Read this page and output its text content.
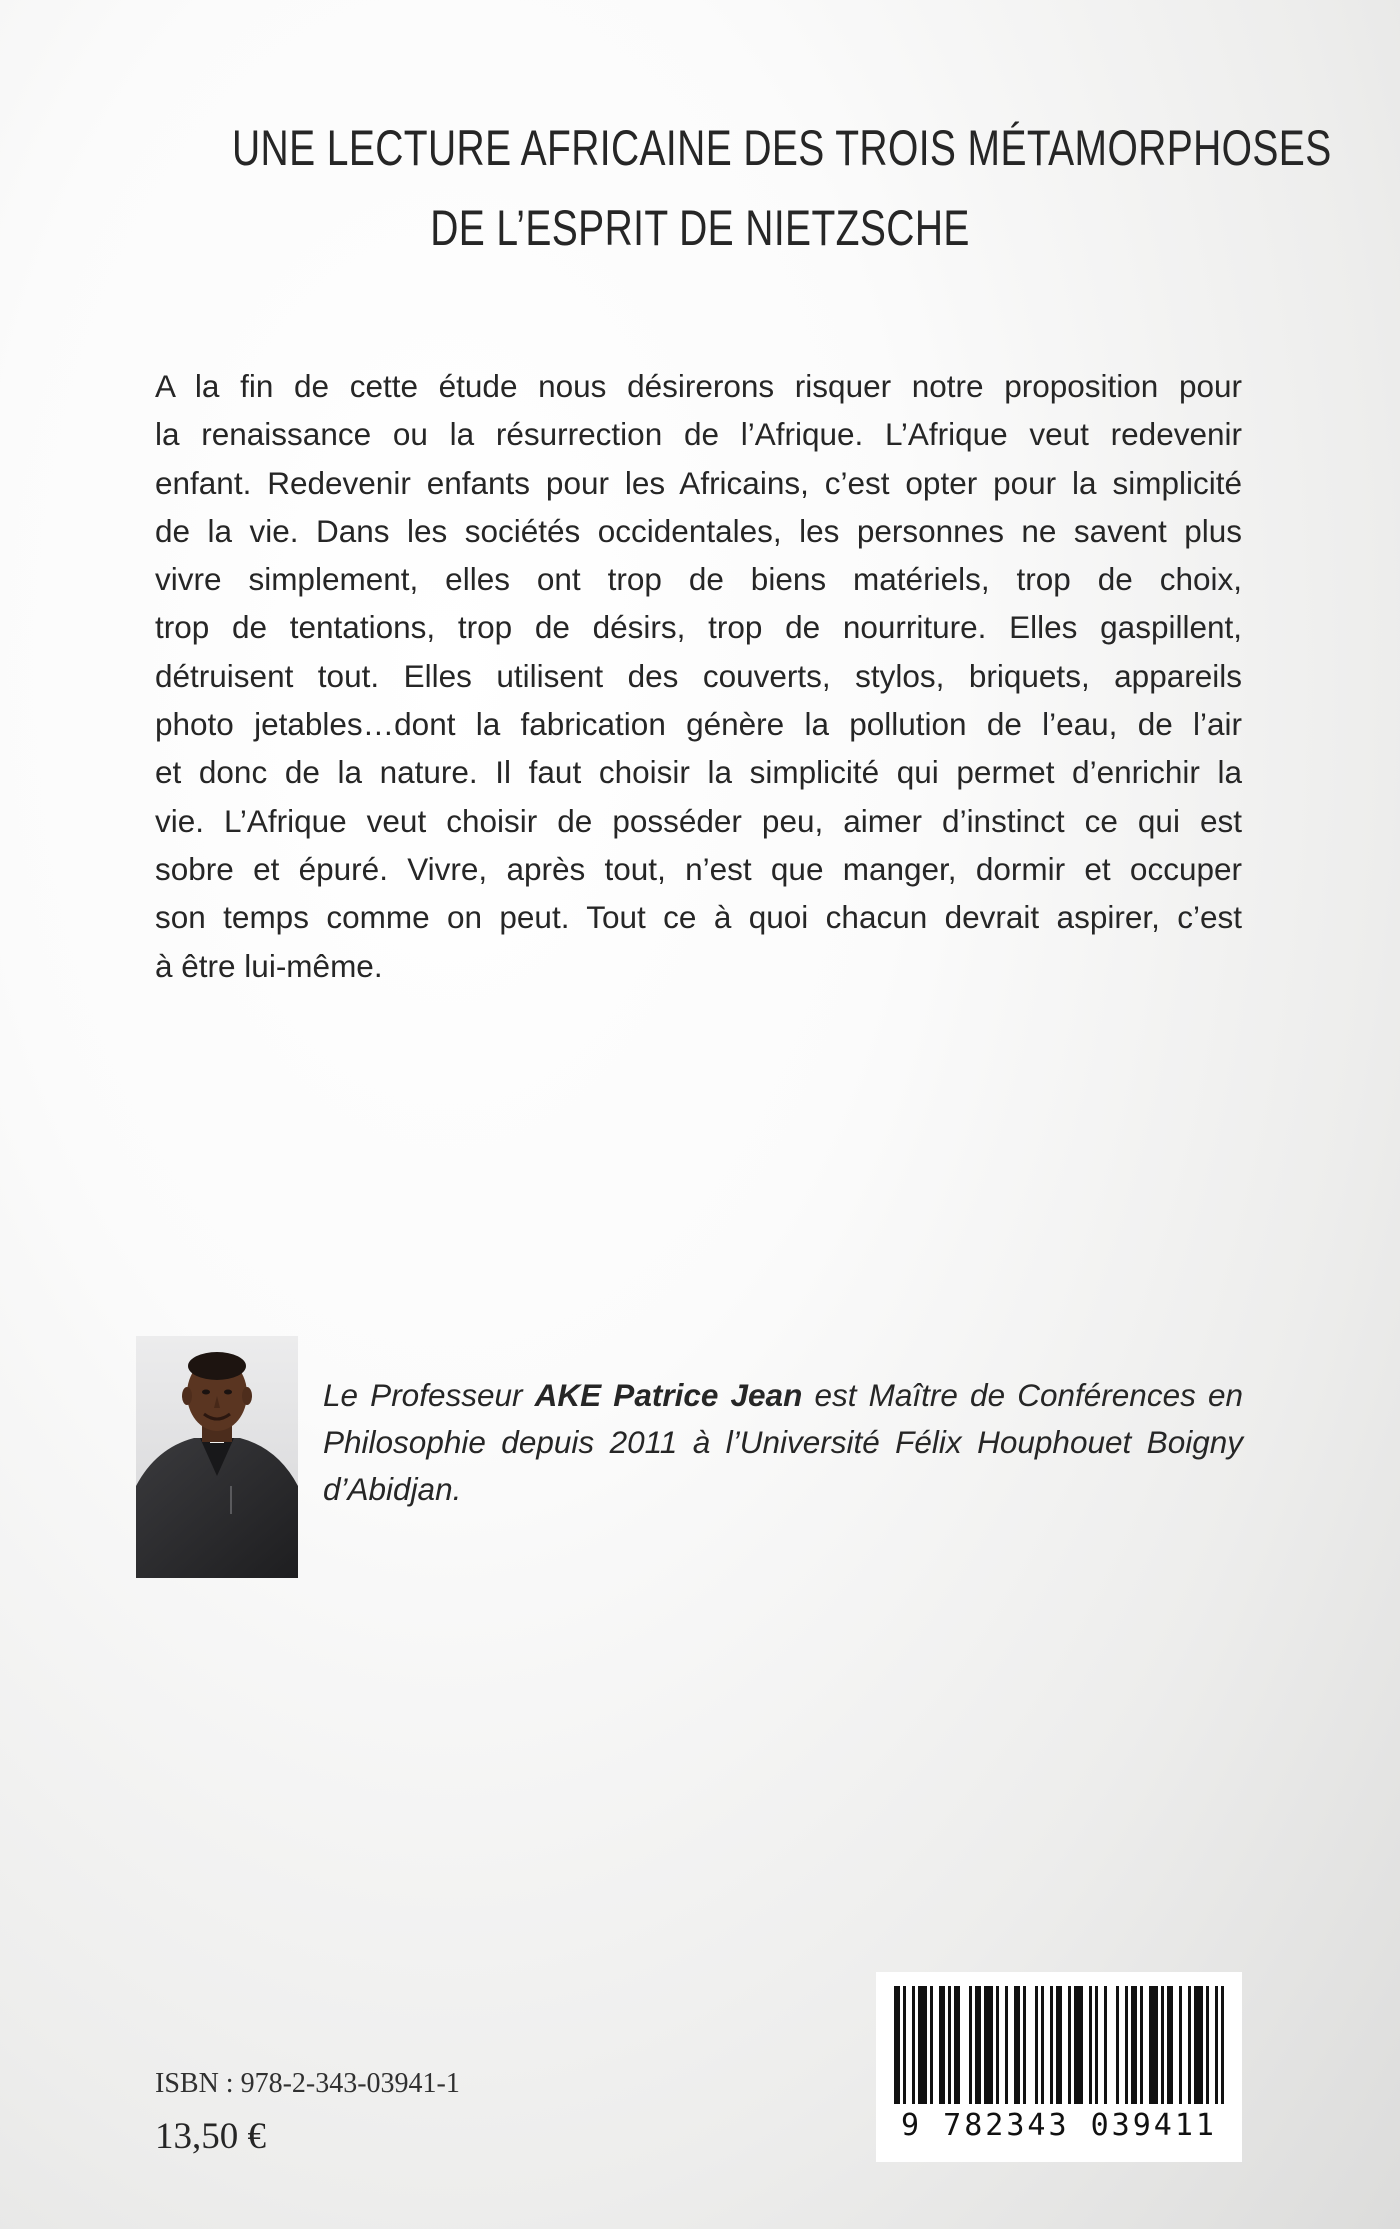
UNE LECTURE AFRICAINE DES TROIS MÉTAMORPHOSES
DE L’ESPRIT DE NIETZSCHE
A la fin de cette étude nous désirerons risquer notre proposition pour
la renaissance ou la résurrection de l’Afrique. L’Afrique veut redevenir
enfant. Redevenir enfants pour les Africains, c’est opter pour la simplicité
de la vie. Dans les sociétés occidentales, les personnes ne savent plus
vivre simplement, elles ont trop de biens matériels, trop de choix,
trop de tentations, trop de désirs, trop de nourriture. Elles gaspillent,
détruisent tout. Elles utilisent des couverts, stylos, briquets, appareils
photo jetables…dont la fabrication génère la pollution de l’eau, de l’air
et donc de la nature. Il faut choisir la simplicité qui permet d’enrichir la
vie. L’Afrique veut choisir de posséder peu, aimer d’instinct ce qui est
sobre et épuré. Vivre, après tout, n’est que manger, dormir et occuper
son temps comme on peut. Tout ce à quoi chacun devrait aspirer, c’est
à être lui-même.
Le Professeur AKE Patrice Jean est Maître de Conférences en
Philosophie depuis 2011 à l’Université Félix Houphouet Boigny
d’Abidjan.
ISBN : 978-2-343-03941-1
13,50 €	9 782343 039411
